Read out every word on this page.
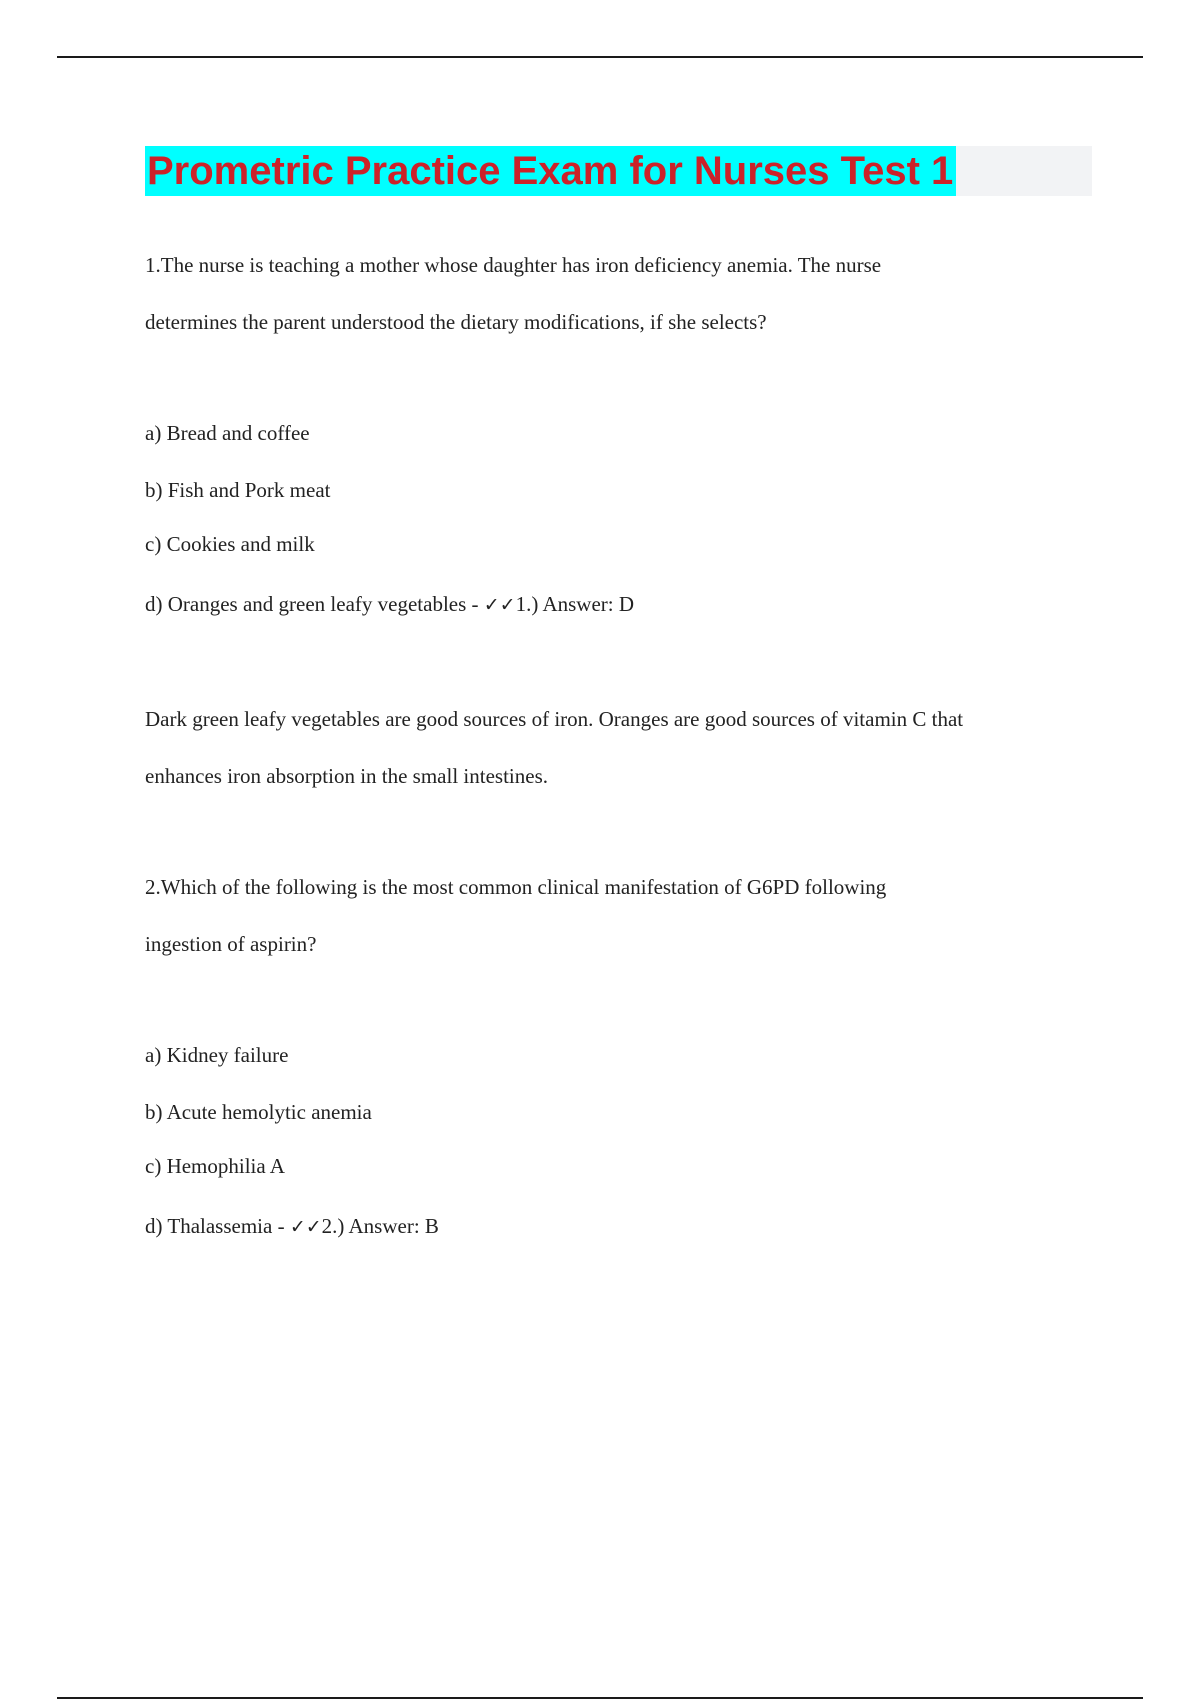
Prometric Practice Exam for Nurses Test 1
1.The nurse is teaching a mother whose daughter has iron deficiency anemia. The nurse
determines the parent understood the dietary modifications, if she selects?
a) Bread and coffee
b) Fish and Pork meat
c) Cookies and milk
d) Oranges and green leafy vegetables - ✓✓1.) Answer: D
Dark green leafy vegetables are good sources of iron. Oranges are good sources of vitamin C that
enhances iron absorption in the small intestines.
2.Which of the following is the most common clinical manifestation of G6PD following
ingestion of aspirin?
a) Kidney failure
b) Acute hemolytic anemia
c) Hemophilia A
d) Thalassemia - ✓✓2.) Answer: B
